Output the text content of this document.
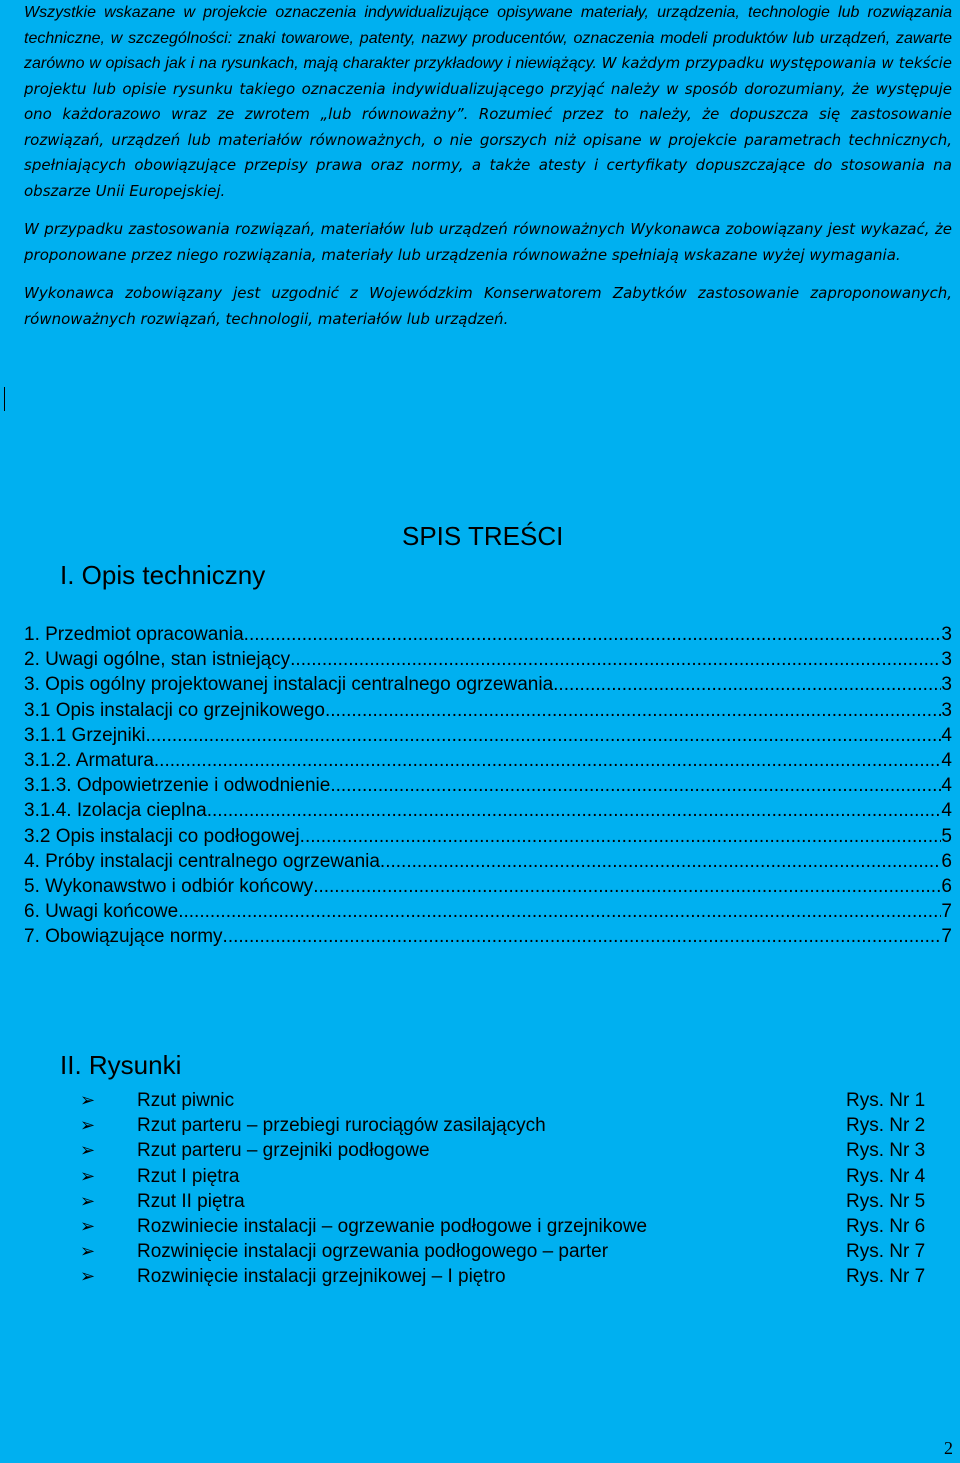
Wszystkie wskazane w projekcie oznaczenia indywidualizujące opisywane materiały, urządzenia, technologie lub rozwiązania techniczne, w szczególności: znaki towarowe, patenty, nazwy producentów, oznaczenia modeli produktów lub urządzeń, zawarte zarówno w opisach jak i na rysunkach, mają charakter przykładowy i niewiążący. W każdym przypadku występowania w tekście projektu lub opisie rysunku takiego oznaczenia indywidualizującego przyjąć należy w sposób dorozumiany, że występuje ono każdorazowo wraz ze zwrotem „lub równoważny”. Rozumieć przez to należy, że dopuszcza się zastosowanie rozwiązań, urządzeń lub materiałów równoważnych, o nie gorszych niż opisane w projekcie parametrach technicznych, spełniających obowiązujące przepisy prawa oraz normy, a także atesty i certyfikaty dopuszczające do stosowania na obszarze Unii Europejskiej.

W przypadku zastosowania rozwiązań, materiałów lub urządzeń równoważnych Wykonawca zobowiązany jest wykazać, że proponowane przez niego rozwiązania, materiały lub urządzenia równoważne spełniają wskazane wyżej wymagania.

Wykonawca zobowiązany jest uzgodnić z Wojewódzkim Konserwatorem Zabytków zastosowanie zaproponowanych, równoważnych rozwiązań, technologii, materiałów lub urządzeń.

SPIS TREŚCI
I. Opis techniczny
1. Przedmiot opracowania .....	3
2. Uwagi ogólne, stan istniejący .....	3
3. Opis ogólny projektowanej instalacji centralnego ogrzewania .....	3
3.1 Opis instalacji co grzejnikowego .....	3
3.1.1 Grzejniki .....	4
3.1.2. Armatura .....	4
3.1.3. Odpowietrzenie i odwodnienie .....	4
3.1.4. Izolacja cieplna .....	4
3.2 Opis instalacji co podłogowej. .....	5
4. Próby instalacji centralnego ogrzewania. .....	6
5. Wykonawstwo i odbiór końcowy .....	6
6. Uwagi końcowe .....	7
7. Obowiązujące normy .....	7
II. Rysunki
➢ Rzut piwnic	Rys. Nr 1
➢ Rzut parteru – przebiegi rurociągów zasilających	Rys. Nr 2
➢ Rzut parteru – grzejniki podłogowe	Rys. Nr 3
➢ Rzut I piętra	Rys. Nr 4
➢ Rzut II piętra	Rys. Nr 5
➢ Rozwiniecie instalacji – ogrzewanie podłogowe i grzejnikowe	Rys. Nr 6
➢ Rozwinięcie instalacji ogrzewania podłogowego – parter	Rys. Nr 7
➢ Rozwinięcie instalacji grzejnikowej – I piętro	Rys. Nr 7
2
